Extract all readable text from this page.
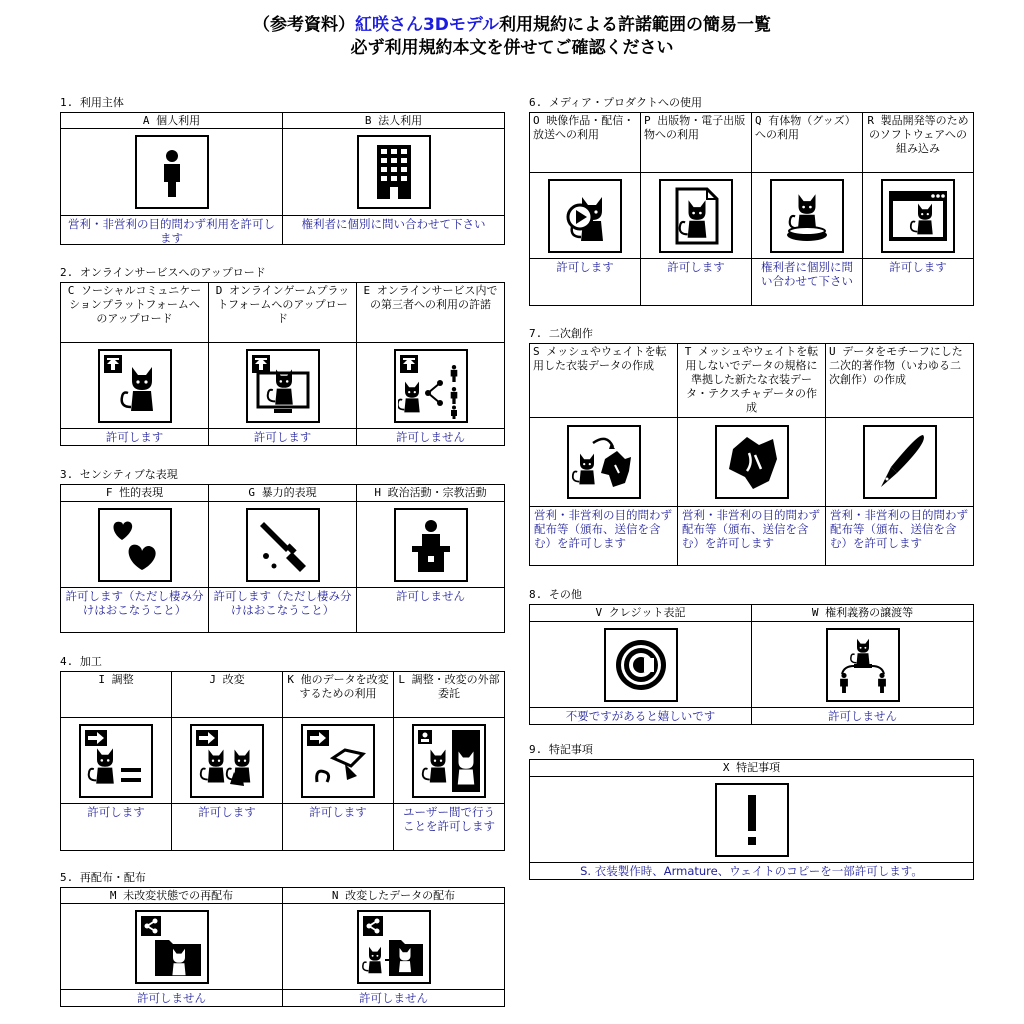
（参考資料）紅咲さん3Dモデル利用規約による許諾範囲の簡易一覧
必ず利用規約本文を併せてご確認ください
1. 利用主体
A 個人利用
営利・非営利の目的問わず利用を許可します
B 法人利用
権利者に個別に問い合わせて下さい
2. オンラインサービスへのアップロード
C ソーシャルコミュニケーションプラットフォームへのアップロード
許可します
D オンラインゲームプラットフォームへのアップロード
許可します
E オンラインサービス内での第三者への利用の許諾
許可しません
3. センシティブな表現
F 性的表現
許可します（ただし棲み分けはおこなうこと）
G 暴力的表現
許可します（ただし棲み分けはおこなうこと）
H 政治活動・宗教活動
許可しません
4. 加工
I 調整
許可します
J 改変
許可します
K 他のデータを改変するための利用
許可します
L 調整・改変の外部委託
ユーザー間で行うことを許可します
5. 再配布・配布
M 未改変状態での再配布
許可しません
N 改変したデータの配布
許可しません
6. メディア・プロダクトへの使用
O 映像作品・配信・放送への利用
許可します
P 出版物・電子出版物への利用
許可します
Q 有体物（グッズ）への利用
権利者に個別に問い合わせて下さい
R 製品開発等のためのソフトウェアへの組み込み
許可します
7. 二次創作
S メッシュやウェイトを転用した衣装データの作成
営利・非営利の目的問わず配布等（頒布、送信を含む）を許可します
T メッシュやウェイトを転用しないでデータの規格に準拠した新たな衣装データ・テクスチャデータの作成
営利・非営利の目的問わず配布等（頒布、送信を含む）を許可します
U データをモチーフにした二次的著作物（いわゆる二次創作）の作成
営利・非営利の目的問わず配布等（頒布、送信を含む）を許可します
8. その他
V クレジット表記
不要ですがあると嬉しいです
W 権利義務の譲渡等
許可しません
9. 特記事項
X 特記事項
S. 衣装製作時、Armature、ウェイトのコピーを一部許可します。
